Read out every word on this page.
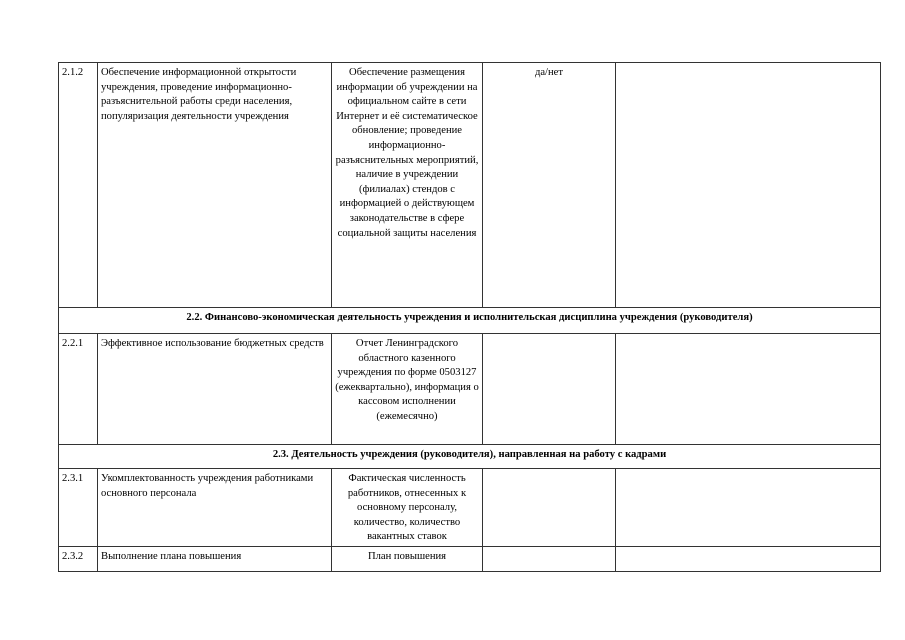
2.1.2	Обеспечение информационной открытости учреждения, проведение информационно-разъяснительной работы среди населения, популяризация деятельности учреждения	Обеспечение размещения информации об учреждении на официальном сайте в сети Интернет и её систематическое обновление; проведение информационно-разъяснительных мероприятий, наличие в учреждении (филиалах) стендов с информацией о действующем законодательстве в сфере социальной защиты населения	да/нет	
2.2. Финансово-экономическая деятельность учреждения и исполнительская дисциплина учреждения (руководителя)				
2.2.1	Эффективное использование бюджетных средств	Отчет Ленинградского областного казенного учреждения по форме 0503127 (ежеквартально), информация о кассовом исполнении (ежемесячно)		
2.3. Деятельность учреждения (руководителя), направленная на работу с кадрами				
2.3.1	Укомплектованность учреждения работниками основного персонала	Фактическая численность работников, отнесенных к основному персоналу, количество, количество вакантных ставок		
2.3.2	Выполнение плана повышения	План повышения		
